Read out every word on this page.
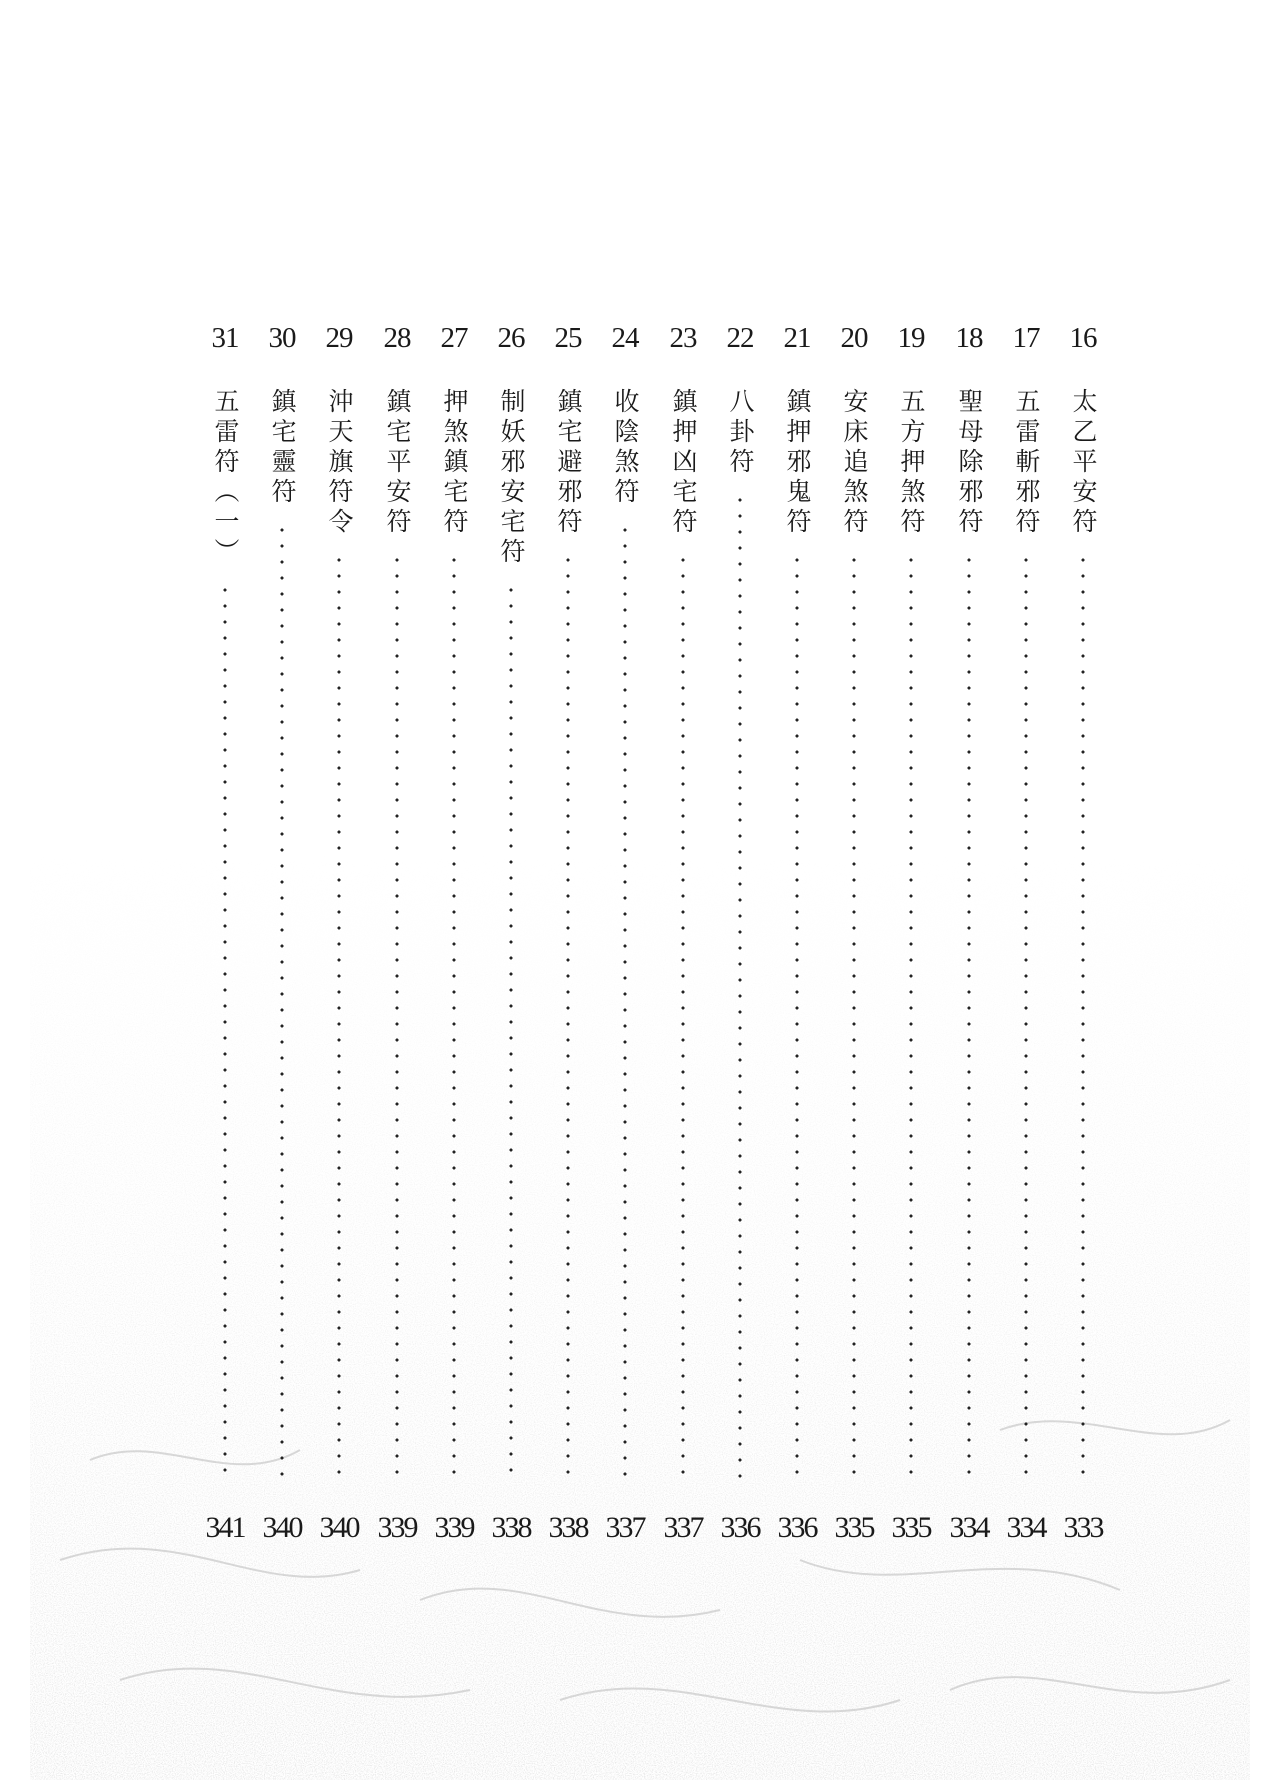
16
太乙平安符
333
17
五雷斬邪符
334
18
聖母除邪符
334
19
五方押煞符
335
20
安床追煞符
335
21
鎮押邪鬼符
336
22
八卦符
336
23
鎮押凶宅符
337
24
收陰煞符
337
25
鎮宅避邪符
338
26
制妖邪安宅符
338
27
押煞鎮宅符
339
28
鎮宅平安符
339
29
沖天旗符令
340
30
鎮宅靈符
340
31
五雷符（一）
341
